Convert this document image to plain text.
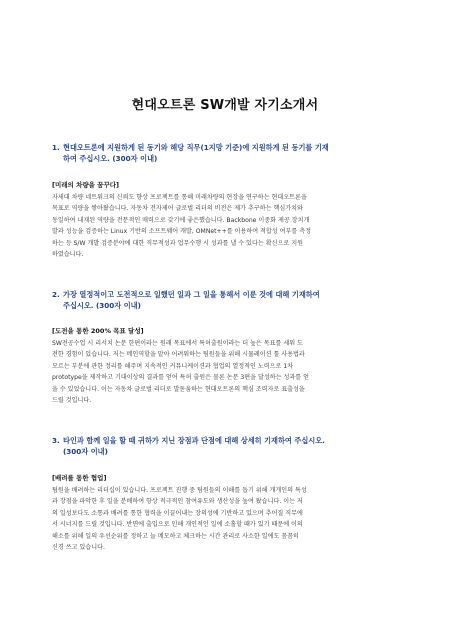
현대오트론 SW개발 자기소개서
1. 현대오트론에 지원하게 된 동기와 해당 직무(1지망 기준)에 지원하게 된 동기를 기재
하여 주십시오. (300자 이내)
[미래의 차량을 꿈꾸다]
자세대 차량 네트워크의 신뢰도 향상 프로젝트를 통해 미래차량의 현장을 연구하는 현대오트론을
목표로 역량을 쌓아왔습니다. 자동차 전자제어 글로벌 리더의 비전은 제가 추구하는 핵심가치와
동일하여 내재된 역량을 전문적인 매력으로 갖기에 좋은했습니다. Backbone 이중화 제공 장치개
발과 성능을 검증하는 Linux 기반의 소프트웨어 개발, OMNet++를 이용하여 적합성 여부를 측정
하는 등 S/W 개발 검증분야에 대한 직무적성과 업무수행 시 성과를 낼 수 있다는 확신으로 지원
하였습니다.
2. 가장 열정적이고 도전적으로 일했던 일과 그 일을 통해서 이룬 것에 대해 기재하여
주십시오. (300자 이내)
[도전을 통한 200% 목표 달성]
SW전공수업 시 리서치 논문 한편이라는 원래 목표에서 특허출원이라는 더 높은 목표를 세워 도
전한 경험이 있습니다. 저는 메인역할을 맡아 어려워하는 팀원들을 위해 시뮬레이션 툴 사용법과
모르는 부분에 관한 정리를 해주며 지속적인 커뮤니케이션과 협업의 열정적인 노력으로 1차
prototype을 제작하고 기대이상의 결과를 얻어 특허 출원은 물론 논문 3편을 달성하는 성과를 얻
을 수 있었습니다. 이는 자동차 글로벌 리더로 발돋움하는 현대오트론의 핵심 조력자로 표출성을
드릴 것입니다.
3. 타인과 함께 일을 할 때 귀하가 지닌 장점과 단점에 대해 상세히 기재하여 주십시오.
(300자 이내)
[배려를 통한 협업]
팀원을 배려하는 리더십이 있습니다. 프로젝트 진행 중 팀원들의 이해를 돕기 위해 개개인의 특성
과 장점을 파악한 후 일을 분배하여 항상 적극적인 참여유도와 생산성을 높여 왔습니다. 이는 저
의 일성보다도 소통과 배려를 통한 협력을 이끌어내는 장의성에 기반하고 있으며 추어질 직무에
서 시너지를 드릴 것입니다. 반면에 출입으로 인해 개인적인 일에 소홀할 때가 있기 때문에 이의
해소를 위해 일의 우선순위를 정하고 늘 메모하고 체크하는 시간 관리로 사소한 일에도 꼼꼼히
신경 쓰고 있습니다.
